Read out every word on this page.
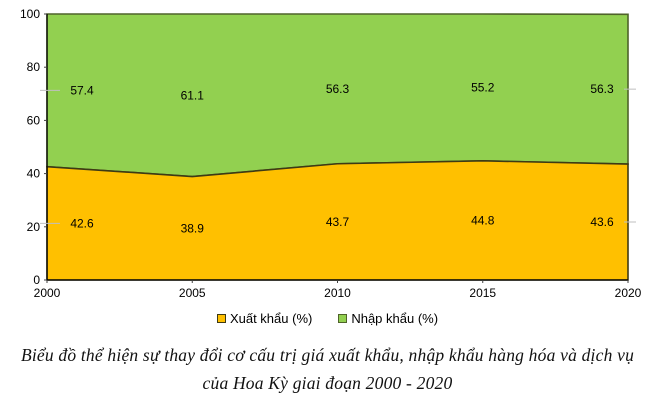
0
20
40
60
80
100
2000	2005	2010	2015	2020
42.6	38.9	43.7	44.8	43.6
57.4	61.1	56.3	55.2	56.3
Xuất khẩu (%)	Nhập khẩu (%)
Biểu đồ thể hiện sự thay đổi cơ cấu trị giá xuất khẩu, nhập khẩu hàng hóa và dịch vụ
của Hoa Kỳ giai đoạn 2000 - 2020
